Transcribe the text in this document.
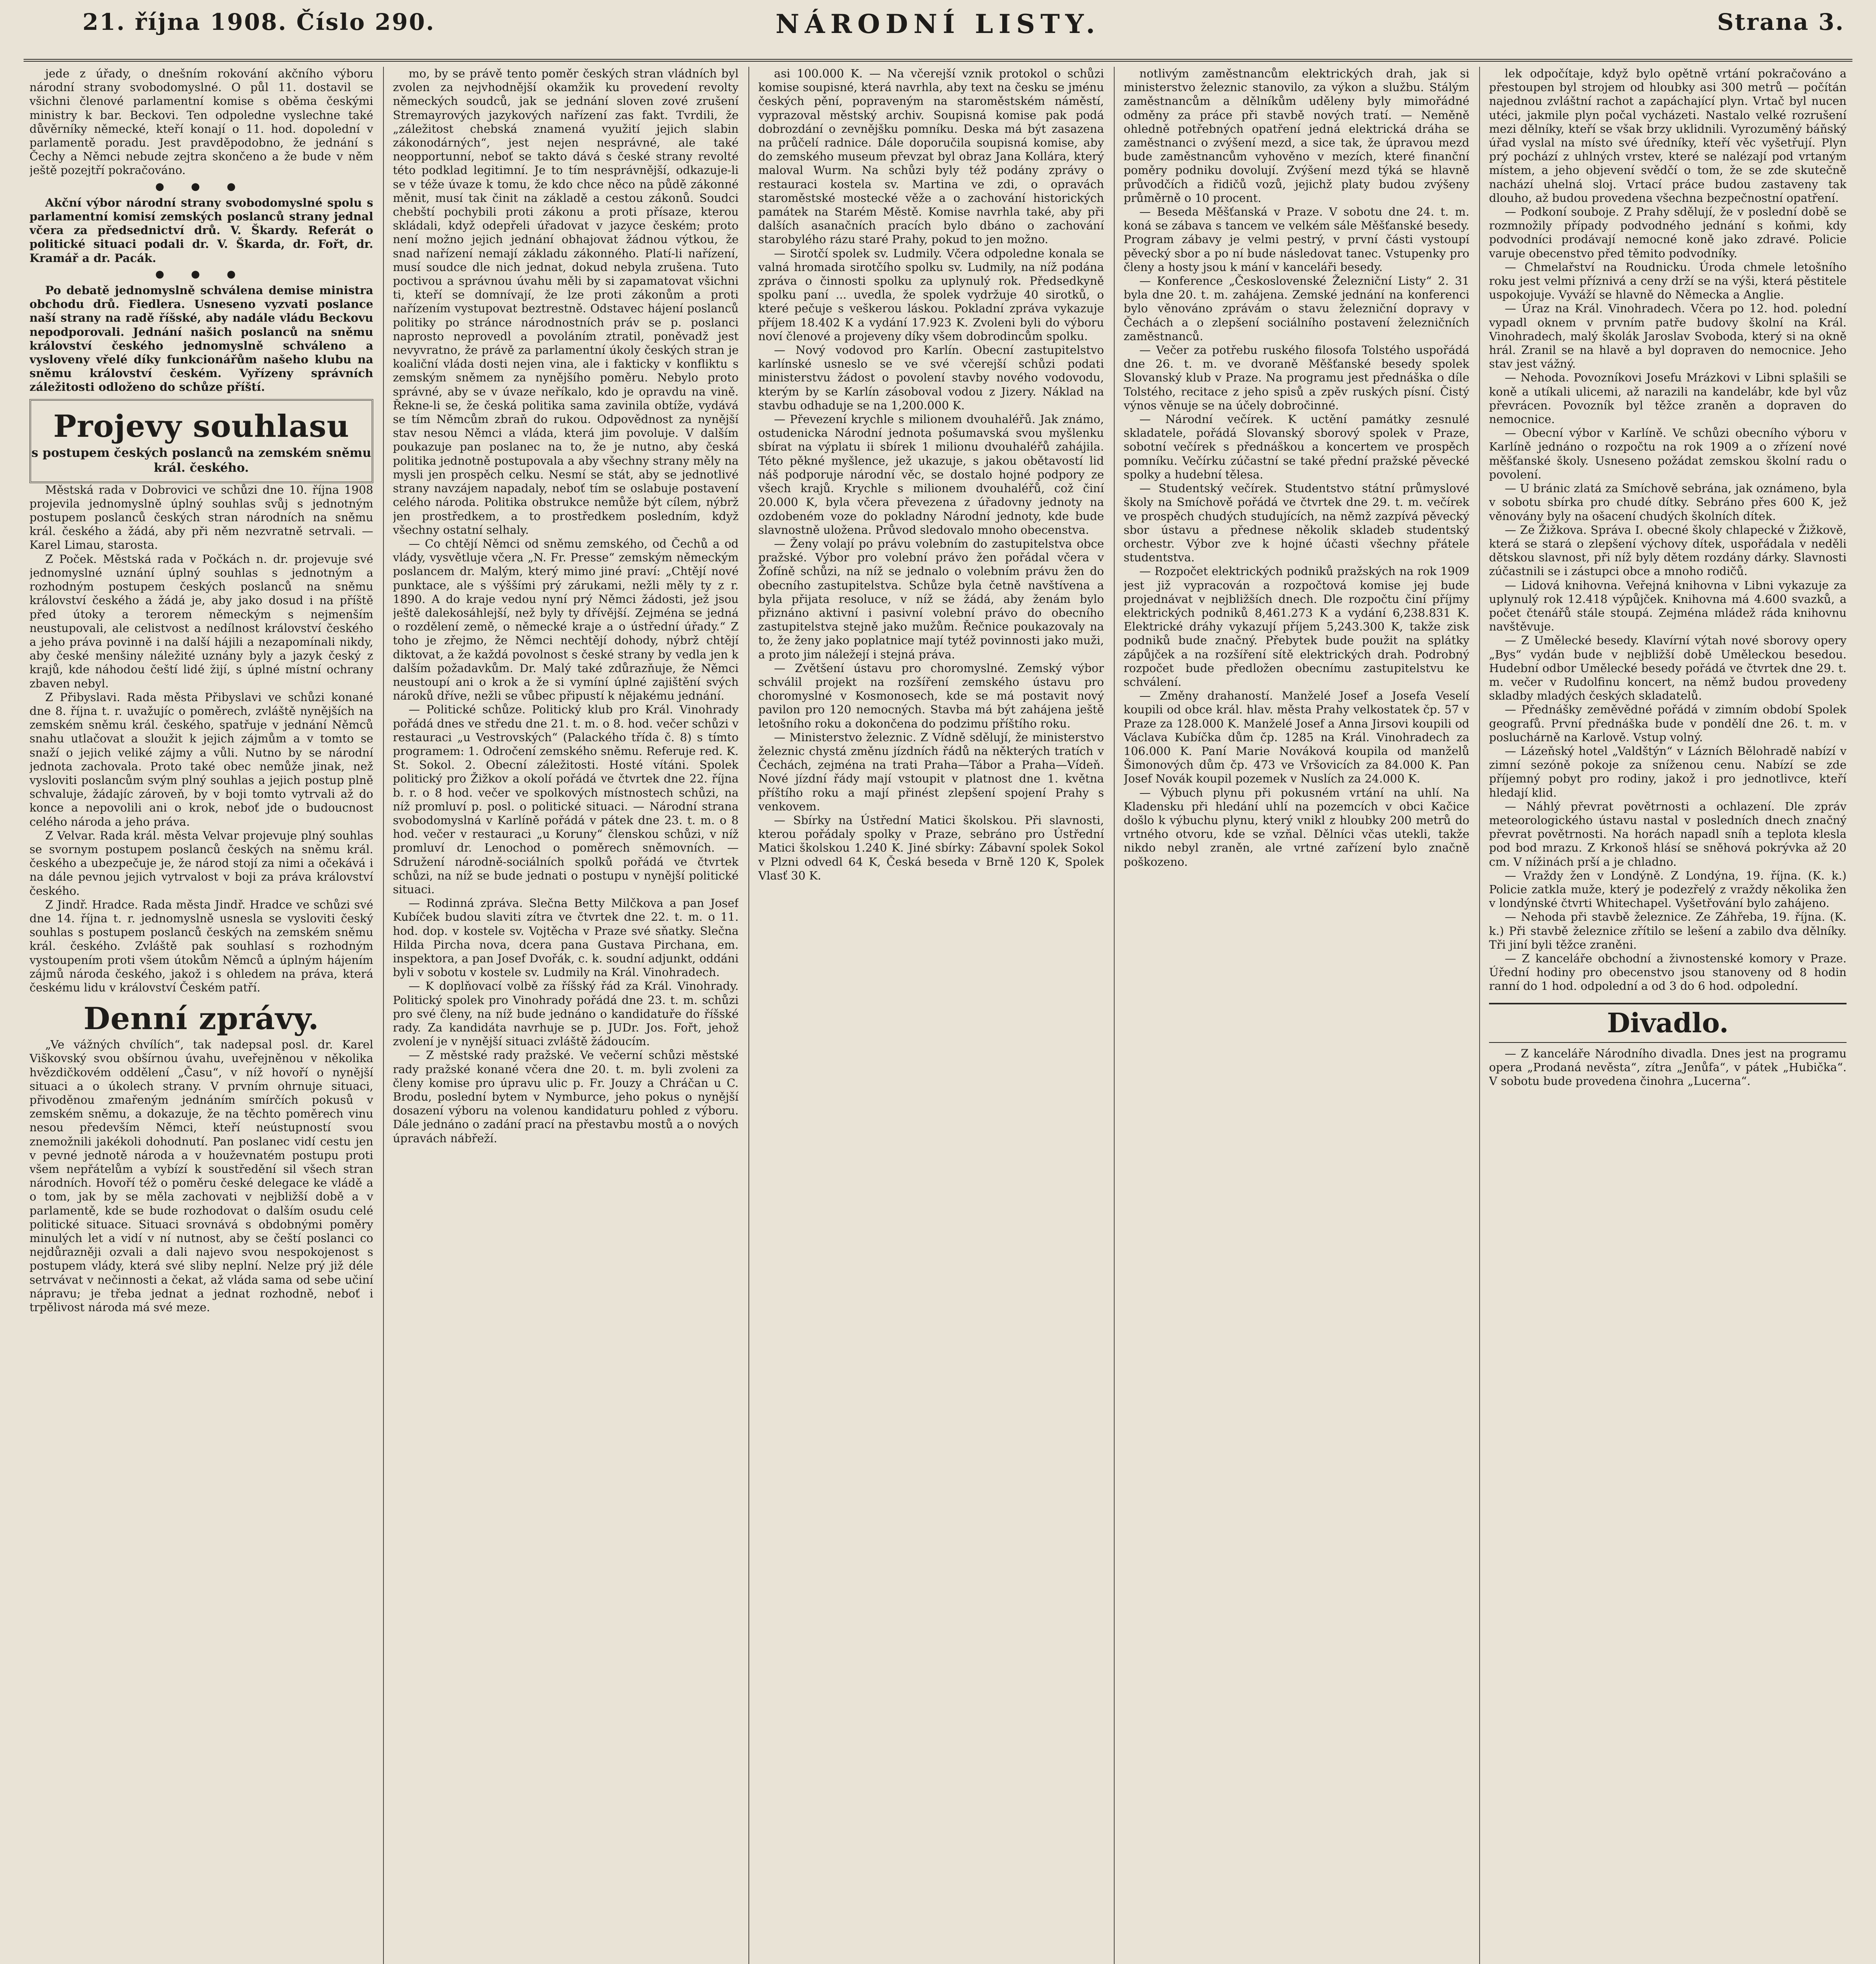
21. října 1908. Číslo 290.	NÁRODNÍ LISTY.	Strana 3.

jede z úřady, o dnešním rokování akčního výboru národní strany svobodomyslné. O půl 11. dostavil se všichni členové parlamentní komise s oběma českými ministry k bar. Beckovi. Ten odpoledne vyslechne také důvěrníky německé, kteří konají o 11. hod. dopolední v parlamentě poradu. Jest pravděpodobno, že jednání s Čechy a Němci nebude zejtra skončeno a že bude v něm ještě pozejtří pokračováno.

● ● ●

Akční výbor národní strany svobodomyslné spolu s parlamentní komisí zemských poslanců strany jednal včera za předsednictví drů. V. Škardy. Referát o politické situaci podali dr. V. Škarda, dr. Fořt, dr. Kramář a dr. Pacák.

● ● ●

Po debatě jednomyslně schválena demise ministra obchodu drů. Fiedlera. Usneseno vyzvati poslance naší strany na radě říšské, aby nadále vládu Beckovu nepodporovali. Jednání našich poslanců na sněmu království českého jednomyslně schváleno a vysloveny vřelé díky funkcionářům našeho klubu na sněmu království českém. Vyřízeny správních záležitosti odloženo do schůze příští.

Projevy souhlasu
s postupem českých poslanců na zemském sněmu král. českého.

Městská rada v Dobrovici ve schůzi dne 10. října 1908 projevila jednomyslně úplný souhlas svůj s jednotným postupem poslanců českých stran národních na sněmu král. českého a žádá, aby při něm nezvratně setrvali. — Karel Limau, starosta.

Z Poček. Městská rada v Počkách n. dr. projevuje své jednomyslné uznání úplný souhlas s jednotným a rozhodným postupem českých poslanců na sněmu království českého a žádá je, aby jako dosud i na příště před útoky a terorem německým s nejmenším neustupovali, ale celistvost a nedílnost království českého a jeho práva povinně i na další hájili a nezapomínali nikdy, aby české menšiny náležité uznány byly a jazyk český z krajů, kde náhodou čeští lidé žijí, s úplné místní ochrany zbaven nebyl.

Z Přibyslavi. Rada města Přibyslavi ve schůzi konané dne 8. října t. r. uvažujíc o poměrech, zvláště nynějších na zemském sněmu král. českého, spatřuje v jednání Němců snahu utlačovat a sloužit k jejich zájmům a v tomto se snaží o jejich veliké zájmy a vůli. Nutno by se národní jednota zachovala. Proto také obec nemůže jinak, než vysloviti poslancům svým plný souhlas a jejich postup plně schvaluje, žádajíc zároveň, by v boji tomto vytrvali až do konce a nepovolili ani o krok, neboť jde o budoucnost celého národa a jeho práva.

Z Velvar. Rada král. města Velvar projevuje plný souhlas se svornym postupem poslanců českých na sněmu král. českého a ubezpečuje je, že národ stojí za nimi a očekává i na dále pevnou jejich vytrvalost v boji za práva království českého.

Z Jindř. Hradce. Rada města Jindř. Hradce ve schůzi své dne 14. října t. r. jednomyslně usnesla se vysloviti český souhlas s postupem poslanců českých na zemském sněmu král. českého. Zvláště pak souhlasí s rozhodným vystoupením proti všem útokům Němců a úplným hájením zájmů národa českého, jakož i s ohledem na práva, která českému lidu v království Českém patří.

Denní zprávy.

„Ve vážných chvílích“, tak nadepsal posl. dr. Karel Viškovský svou obšírnou úvahu, uveřejněnou v několika hvězdičkovém oddělení „Času“, v níž hovoří o nynější situaci a o úkolech strany. V prvním ohrnuje situaci, přivoděnou zmařeným jednáním smírčích pokusů v zemském sněmu, a dokazuje, že na těchto poměrech vinu nesou především Němci, kteří neústupností svou znemožnili jakékoli dohodnutí. Pan poslanec vidí cestu jen v pevné jednotě národa a v houževnatém postupu proti všem nepřátelům a vybízí k soustředění sil všech stran národních. Hovoří též o poměru české delegace ke vládě a o tom, jak by se měla zachovati v nejbližší době a v parlamentě, kde se bude rozhodovat o dalším osudu celé politické situace. Situaci srovnává s obdobnými poměry minulých let a vidí v ní nutnost, aby se čeští poslanci co nejdůrazněji ozvali a dali najevo svou nespokojenost s postupem vlády, která své sliby neplní. Nelze prý již déle setrvávat v nečinnosti a čekat, až vláda sama od sebe učiní nápravu; je třeba jednat a jednat rozhodně, neboť i trpělivost národa má své meze.

mo, by se právě tento poměr českých stran vládních byl zvolen za nejvhodnější okamžik ku provedení revolty německých soudců, jak se jednání sloven zové zrušení Stremayrových jazykových nařízení zas fakt. Tvrdili, že „záležitost chebská znamená využití jejich slabin zákonodárných“, jest nejen nesprávné, ale také neopportunní, neboť se takto dává s české strany revolté této podklad legitimní. Je to tím nesprávnější, odkazuje-li se v téže úvaze k tomu, že kdo chce něco na půdě zákonné měnit, musí tak činit na základě a cestou zákonů. Soudci chebští pochybili proti zákonu a proti přísaze, kterou skládali, když odepřeli úřadovat v jazyce českém; proto není možno jejich jednání obhajovat žádnou výtkou, že snad nařízení nemají základu zákonného. Platí-li nařízení, musí soudce dle nich jednat, dokud nebyla zrušena. Tuto poctivou a správnou úvahu měli by si zapamatovat všichni ti, kteří se domnívají, že lze proti zákonům a proti nařízením vystupovat beztrestně. Odstavec hájení poslanců politiky po stránce národnostních práv se p. poslanci naprosto neprovedl a povoláním ztratil, poněvadž jest nevyvratno, že právě za parlamentní úkoly českých stran je koaliční vláda dosti nejen vina, ale i fakticky v konfliktu s zemským sněmem za nynějšího poměru. Nebylo proto správné, aby se v úvaze neříkalo, kdo je opravdu na vině. Řekne-li se, že česká politika sama zavinila obtíže, vydává se tím Němcům zbraň do rukou. Odpovědnost za nynější stav nesou Němci a vláda, která jim povoluje. V dalším poukazuje pan poslanec na to, že je nutno, aby česká politika jednotně postupovala a aby všechny strany měly na mysli jen prospěch celku. Nesmí se stát, aby se jednotlivé strany navzájem napadaly, neboť tím se oslabuje postavení celého národa. Politika obstrukce nemůže být cílem, nýbrž jen prostředkem, a to prostředkem posledním, když všechny ostatní selhaly.

— Co chtějí Němci od sněmu zemského, od Čechů a od vlády, vysvětluje včera „N. Fr. Presse“ zemským německým poslancem dr. Malým, který mimo jiné praví: „Chtějí nové punktace, ale s výššími prý zárukami, nežli měly ty z r. 1890. A do kraje vedou nyní prý Němci žádosti, jež jsou ještě dalekosáhlejší, než byly ty dřívější. Zejména se jedná o rozdělení země, o německé kraje a o ústřední úřady.“ Z toho je zřejmo, že Němci nechtějí dohody, nýbrž chtějí diktovat, a že každá povolnost s české strany by vedla jen k dalším požadavkům. Dr. Malý také zdůrazňuje, že Němci neustoupí ani o krok a že si vymíní úplné zajištění svých nároků dříve, nežli se vůbec připustí k nějakému jednání.

— Politické schůze. Politický klub pro Král. Vinohrady pořádá dnes ve středu dne 21. t. m. o 8. hod. večer schůzi v restauraci „u Vestrovských“ (Palackého třída č. 8) s tímto programem: 1. Odročení zemského sněmu. Referuje red. K. St. Sokol. 2. Obecní záležitosti. Hosté vítáni. Spolek politický pro Žižkov a okolí pořádá ve čtvrtek dne 22. října b. r. o 8 hod. večer ve spolkových místnostech schůzi, na níž promluví p. posl. o politické situaci. — Národní strana svobodomyslná v Karlíně pořádá v pátek dne 23. t. m. o 8 hod. večer v restauraci „u Koruny“ členskou schůzi, v níž promluví dr. Lenochod o poměrech sněmovních. — Sdružení národně-sociálních spolků pořádá ve čtvrtek schůzi, na níž se bude jednati o postupu v nynější politické situaci.

— Rodinná zpráva. Slečna Betty Milčkova a pan Josef Kubíček budou slaviti zítra ve čtvrtek dne 22. t. m. o 11. hod. dop. v kostele sv. Vojtěcha v Praze své sňatky. Slečna Hilda Pircha nova, dcera pana Gustava Pirchana, em. inspektora, a pan Josef Dvořák, c. k. soudní adjunkt, oddáni byli v sobotu v kostele sv. Ludmily na Král. Vinohradech.

— K doplňovací volbě za říšský řád za Král. Vinohrady. Politický spolek pro Vinohrady pořádá dne 23. t. m. schůzi pro své členy, na níž bude jednáno o kandidatuře do říšské rady. Za kandidáta navrhuje se p. JUDr. Jos. Fořt, jehož zvolení je v nynější situaci zvláště žádoucím.

— Z městské rady pražské. Ve večerní schůzi městské rady pražské konané včera dne 20. t. m. byli zvoleni za členy komise pro úpravu ulic p. Fr. Jouzy a Chráčan u C. Brodu, poslední bytem v Nymburce, jeho pokus o nynější dosazení výboru na volenou kandidaturu pohled z výboru. Dále jednáno o zadání prací na přestavbu mostů a o nových úpravách nábřeží.

asi 100.000 K. — Na včerejší vznik protokol o schůzi komise soupisné, která navrhla, aby text na česku se jménu českých pění, popraveným na staroměstském náměstí, vyprazoval městský archiv. Soupisná komise pak podá dobrozdání o zevnějšku pomníku. Deska má být zasazena na průčelí radnice. Dále doporučila soupisná komise, aby do zemského museum převzat byl obraz Jana Kollára, který maloval Wurm. Na schůzi byly též podány zprávy o restauraci kostela sv. Martina ve zdi, o opravách staroměstské mostecké věže a o zachování historických památek na Starém Městě. Komise navrhla také, aby při dalších asanačních pracích bylo dbáno o zachování starobylého rázu staré Prahy, pokud to jen možno.

— Sirotčí spolek sv. Ludmily. Včera odpoledne konala se valná hromada sirotčího spolku sv. Ludmily, na níž podána zpráva o činnosti spolku za uplynulý rok. Předsedkyně spolku paní ... uvedla, že spolek vydržuje 40 sirotků, o které pečuje s veškerou láskou. Pokladní zpráva vykazuje příjem 18.402 K a vydání 17.923 K. Zvoleni byli do výboru noví členové a projeveny díky všem dobrodincům spolku.

— Nový vodovod pro Karlín. Obecní zastupitelstvo karlínské usneslo se ve své včerejší schůzi podati ministerstvu žádost o povolení stavby nového vodovodu, kterým by se Karlín zásoboval vodou z Jizery. Náklad na stavbu odhaduje se na 1,200.000 K.

— Převezení krychle s milionem dvouhaléřů. Jak známo, ostudenicka Národní jednota pošumavská svou myšlenku sbírat na výplatu ii sbírek 1 milionu dvouhaléřů zahájila. Této pěkné myšlence, jež ukazuje, s jakou obětavostí lid náš podporuje národní věc, se dostalo hojné podpory ze všech krajů. Krychle s milionem dvouhaléřů, což činí 20.000 K, byla včera převezena z úřadovny jednoty na ozdobeném voze do pokladny Národní jednoty, kde bude slavnostně uložena. Průvod sledovalo mnoho obecenstva.

— Ženy volají po právu volebním do zastupitelstva obce pražské. Výbor pro volební právo žen pořádal včera v Žofíně schůzi, na níž se jednalo o volebním právu žen do obecního zastupitelstva. Schůze byla četně navštívena a byla přijata resoluce, v níž se žádá, aby ženám bylo přiznáno aktivní i pasivní volební právo do obecního zastupitelstva stejně jako mužům. Řečnice poukazovaly na to, že ženy jako poplatnice mají tytéž povinnosti jako muži, a proto jim náležejí i stejná práva.

— Zvětšení ústavu pro choromyslné. Zemský výbor schválil projekt na rozšíření zemského ústavu pro choromyslné v Kosmonosech, kde se má postavit nový pavilon pro 120 nemocných. Stavba má být zahájena ještě letošního roku a dokončena do podzimu příštího roku.

— Ministerstvo železnic. Z Vídně sdělují, že ministerstvo železnic chystá změnu jízdních řádů na některých tratích v Čechách, zejména na trati Praha—Tábor a Praha—Vídeň. Nové jízdní řády mají vstoupit v platnost dne 1. května příštího roku a mají přinést zlepšení spojení Prahy s venkovem.

— Sbírky na Ústřední Matici školskou. Při slavnosti, kterou pořádaly spolky v Praze, sebráno pro Ústřední Matici školskou 1.240 K. Jiné sbírky: Zábavní spolek Sokol v Plzni odvedl 64 K, Česká beseda v Brně 120 K, Spolek Vlasť 30 K.

notlivým zaměstnancům elektrických drah, jak si ministerstvo železnic stanovilo, za výkon a službu. Stálým zaměstnancům a dělníkům uděleny byly mimořádné odměny za práce při stavbě nových tratí. — Neměně ohledně potřebných opatření jedná elektrická dráha se zaměstnanci o zvýšení mezd, a sice tak, že úpravou mezd bude zaměstnancům vyhověno v mezích, které finanční poměry podniku dovolují. Zvýšení mezd týká se hlavně průvodčích a řidičů vozů, jejichž platy budou zvýšeny průměrně o 10 procent.

— Beseda Měšťanská v Praze. V sobotu dne 24. t. m. koná se zábava s tancem ve velkém sále Měšťanské besedy. Program zábavy je velmi pestrý, v první části vystoupí pěvecký sbor a po ní bude následovat tanec. Vstupenky pro členy a hosty jsou k mání v kanceláři besedy.

— Konference „Československé Železniční Listy“ 2. 31 byla dne 20. t. m. zahájena. Zemské jednání na konferenci bylo věnováno zprávám o stavu železniční dopravy v Čechách a o zlepšení sociálního postavení železničních zaměstnanců.

— Večer za potřebu ruského filosofa Tolstého uspořádá dne 26. t. m. ve dvoraně Měšťanské besedy spolek Slovanský klub v Praze. Na programu jest přednáška o díle Tolstého, recitace z jeho spisů a zpěv ruských písní. Čistý výnos věnuje se na účely dobročinné.

— Národní večírek. K uctění památky zesnulé skladatele, pořádá Slovanský sborový spolek v Praze, sobotní večírek s přednáškou a koncertem ve prospěch pomníku. Večírku zúčastní se také přední pražské pěvecké spolky a hudební tělesa.

— Studentský večírek. Studentstvo státní průmyslové školy na Smíchově pořádá ve čtvrtek dne 29. t. m. večírek ve prospěch chudých studujících, na němž zazpívá pěvecký sbor ústavu a přednese několik skladeb studentský orchestr. Výbor zve k hojné účasti všechny přátele studentstva.

— Rozpočet elektrických podniků pražských na rok 1909 jest již vypracován a rozpočtová komise jej bude projednávat v nejbližších dnech. Dle rozpočtu činí příjmy elektrických podniků 8,461.273 K a vydání 6,238.831 K. Elektrické dráhy vykazují příjem 5,243.300 K, takže zisk podniků bude značný. Přebytek bude použit na splátky zápůjček a na rozšíření sítě elektrických drah. Podrobný rozpočet bude předložen obecnímu zastupitelstvu ke schválení.

— Změny drahaností. Manželé Josef a Josefa Veselí koupili od obce král. hlav. města Prahy velkostatek čp. 57 v Praze za 128.000 K. Manželé Josef a Anna Jirsovi koupili od Václava Kubíčka dům čp. 1285 na Král. Vinohradech za 106.000 K. Paní Marie Nováková koupila od manželů Šimonových dům čp. 473 ve Vršovicích za 84.000 K. Pan Josef Novák koupil pozemek v Nuslích za 24.000 K.

— Výbuch plynu při pokusném vrtání na uhlí. Na Kladensku při hledání uhlí na pozemcích v obci Kačice došlo k výbuchu plynu, který vnikl z hloubky 200 metrů do vrtného otvoru, kde se vzňal. Dělníci včas utekli, takže nikdo nebyl zraněn, ale vrtné zařízení bylo značně poškozeno.

lek odpočítaje, když bylo opětně vrtání pokračováno a přestoupen byl strojem od hloubky asi 300 metrů — počítán najednou zvláštní rachot a zapáchající plyn. Vrtač byl nucen utéci, jakmile plyn počal vycházeti. Nastalo velké rozrušení mezi dělníky, kteří se však brzy uklidnili. Vyrozuměný báňský úřad vyslal na místo své úředníky, kteří věc vyšetřují. Plyn prý pochází z uhlných vrstev, které se nalézají pod vrtaným místem, a jeho objevení svědčí o tom, že se zde skutečně nachází uhelná sloj. Vrtací práce budou zastaveny tak dlouho, až budou provedena všechna bezpečnostní opatření.

— Podkoní souboje. Z Prahy sdělují, že v poslední době se rozmnožily případy podvodného jednání s koňmi, kdy podvodníci prodávají nemocné koně jako zdravé. Policie varuje obecenstvo před těmito podvodníky.

— Chmelařství na Roudnicku. Úroda chmele letošního roku jest velmi příznivá a ceny drží se na výši, která pěstitele uspokojuje. Vyváží se hlavně do Německa a Anglie.

— Úraz na Král. Vinohradech. Včera po 12. hod. polední vypadl oknem v prvním patře budovy školní na Král. Vinohradech, malý školák Jaroslav Svoboda, který si na okně hrál. Zranil se na hlavě a byl dopraven do nemocnice. Jeho stav jest vážný.

— Nehoda. Povozníkovi Josefu Mrázkovi v Libni splašili se koně a utíkali ulicemi, až narazili na kandelábr, kde byl vůz převrácen. Povozník byl těžce zraněn a dopraven do nemocnice.

— Obecní výbor v Karlíně. Ve schůzi obecního výboru v Karlíně jednáno o rozpočtu na rok 1909 a o zřízení nové měšťanské školy. Usneseno požádat zemskou školní radu o povolení.

— U bránic zlatá za Smíchově sebrána, jak oznámeno, byla v sobotu sbírka pro chudé dítky. Sebráno přes 600 K, jež věnovány byly na ošacení chudých školních dítek.

— Ze Žižkova. Správa I. obecné školy chlapecké v Žižkově, která se stará o zlepšení výchovy dítek, uspořádala v neděli dětskou slavnost, při níž byly dětem rozdány dárky. Slavnosti zúčastnili se i zástupci obce a mnoho rodičů.

— Lidová knihovna. Veřejná knihovna v Libni vykazuje za uplynulý rok 12.418 výpůjček. Knihovna má 4.600 svazků, a počet čtenářů stále stoupá. Zejména mládež ráda knihovnu navštěvuje.

— Z Umělecké besedy. Klavírní výtah nové sborovy opery „Bys“ vydán bude v nejbližší době Uměleckou besedou. Hudební odbor Umělecké besedy pořádá ve čtvrtek dne 29. t. m. večer v Rudolfinu koncert, na němž budou provedeny skladby mladých českých skladatelů.

— Přednášky zeměvědné pořádá v zimním období Spolek geografů. První přednáška bude v pondělí dne 26. t. m. v posluchárně na Karlově. Vstup volný.

— Lázeňský hotel „Valdštýn“ v Lázních Bělohradě nabízí v zimní sezóně pokoje za sníženou cenu. Nabízí se zde příjemný pobyt pro rodiny, jakož i pro jednotlivce, kteří hledají klid.

— Náhlý převrat povětrnosti a ochlazení. Dle zpráv meteorologického ústavu nastal v posledních dnech značný převrat povětrnosti. Na horách napadl sníh a teplota klesla pod bod mrazu. Z Krkonoš hlásí se sněhová pokrývka až 20 cm. V nížinách prší a je chladno.

— Vraždy žen v Londýně. Z Londýna, 19. října. (K. k.) Policie zatkla muže, který je podezřelý z vraždy několika žen v londýnské čtvrti Whitechapel. Vyšetřování bylo zahájeno.

— Nehoda při stavbě železnice. Ze Záhřeba, 19. října. (K. k.) Při stavbě železnice zřítilo se lešení a zabilo dva dělníky. Tři jiní byli těžce zraněni.

— Z kanceláře obchodní a živnostenské komory v Praze. Úřední hodiny pro obecenstvo jsou stanoveny od 8 hodin ranní do 1 hod. odpolední a od 3 do 6 hod. odpolední.

Divadlo.

— Z kanceláře Národního divadla. Dnes jest na programu opera „Prodaná nevěsta“, zítra „Jenůfa“, v pátek „Hubička“. V sobotu bude provedena činohra „Lucerna“.
